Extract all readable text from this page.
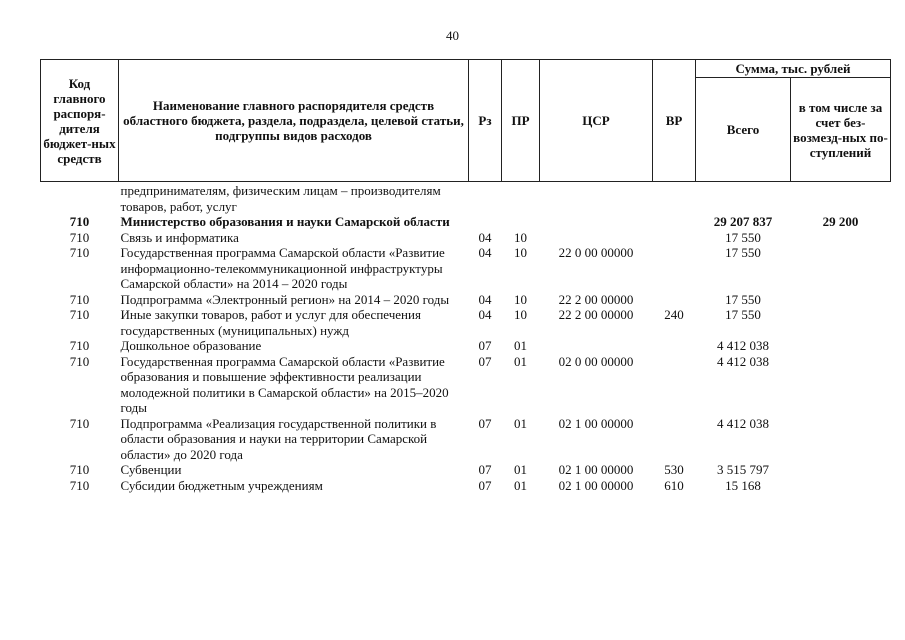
40
Код главного распоря-дителя бюджет-ных средств	Наименование главного распорядителя средств областного бюджета, раздела, подраздела, целевой статьи, подгруппы видов расходов	Рз	ПР	ЦСР	ВР	Сумма, тыс. рублей	
						Всего	в том числе за счет без-возмезд-ных по-ступлений
	предпринимателям, физическим лицам – производителям товаров, работ, услуг						
710	Министерство образования и науки Самарской области					29 207 837	29 200
710	Связь и информатика	04	10			17 550	
710	Государственная программа Самарской области «Развитие информационно-телекоммуникационной инфраструктуры Самарской области» на 2014 – 2020 годы	04	10	22 0 00 00000		17 550	
710	Подпрограмма «Электронный регион» на 2014 – 2020 годы	04	10	22 2 00 00000		17 550	
710	Иные закупки товаров, работ и услуг для обеспечения государственных (муниципальных) нужд	04	10	22 2 00 00000	240	17 550	
710	Дошкольное образование	07	01			4 412 038	
710	Государственная программа Самарской области «Развитие образования и повышение эффективности реализации молодежной политики в Самарской области» на 2015–2020 годы	07	01	02 0 00 00000		4 412 038	
710	Подпрограмма «Реализация государственной политики в области образования и науки на территории Самарской области» до 2020 года	07	01	02 1 00 00000		4 412 038	
710	Субвенции	07	01	02 1 00 00000	530	3 515 797	
710	Субсидии бюджетным учреждениям	07	01	02 1 00 00000	610	15 168	
